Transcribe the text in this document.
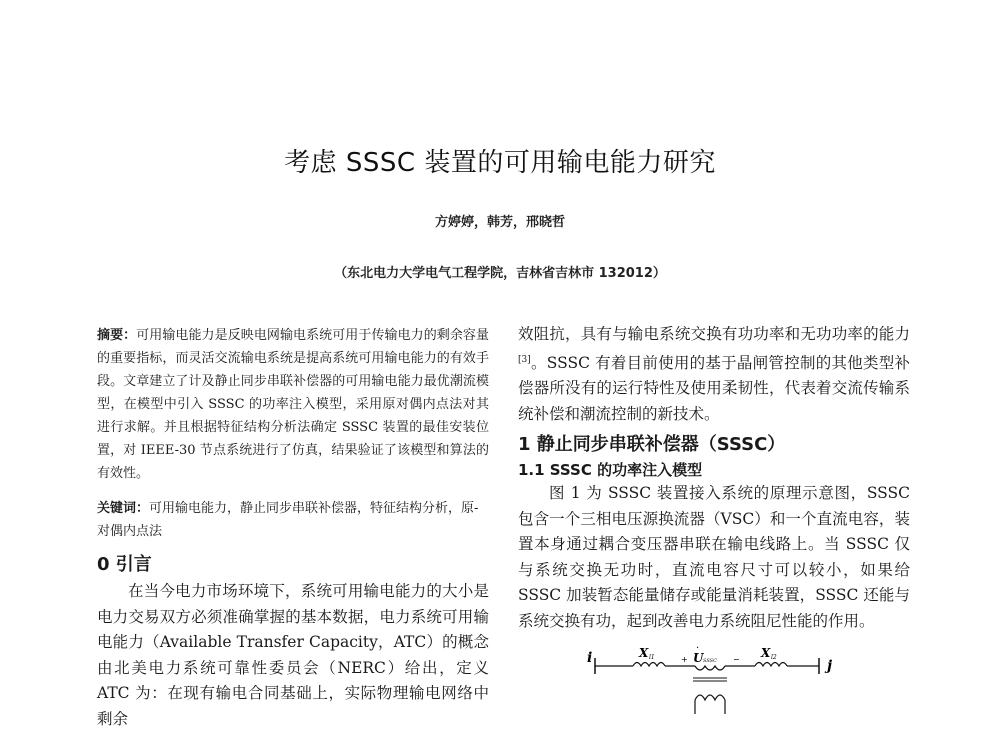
考虑 SSSC 装置的可用输电能力研究
方婷婷，韩芳，邢晓哲
（东北电力大学电气工程学院，吉林省吉林市 132012）

摘要：可用输电能力是反映电网输电系统可用于传输电力的剩余容量的重要指标，而灵活交流输电系统是提高系统可用输电能力的有效手段。文章建立了计及静止同步串联补偿器的可用输电能力最优潮流模型，在模型中引入 SSSC 的功率注入模型，采用原对偶内点法对其进行求解。并且根据特征结构分析法确定 SSSC 装置的最佳安装位置，对 IEEE-30 节点系统进行了仿真，结果验证了该模型和算法的有效性。

关键词：可用输电能力，静止同步串联补偿器，特征结构分析，原-对偶内点法

0 引言

在当今电力市场环境下，系统可用输电能力的大小是电力交易双方必须准确掌握的基本数据，电力系统可用输电能力（Available Transfer Capacity，ATC）的概念由北美电力系统可靠性委员会（NERC）给出，定义 ATC 为：在现有输电合同基础上，实际物理输电网络中剩余

效阻抗，具有与输电系统交换有功功率和无功功率的能力[3]。SSSC 有着目前使用的基于晶闸管控制的其他类型补偿器所没有的运行特性及使用柔韧性，代表着交流传输系统补偿和潮流控制的新技术。

1 静止同步串联补偿器（SSSC）
1.1 SSSC 的功率注入模型

图 1 为 SSSC 装置接入系统的原理示意图，SSSC 包含一个三相电压源换流器（VSC）和一个直流电容，装置本身通过耦合变压器串联在输电线路上。当 SSSC 仅与系统交换无功时，直流电容尺寸可以较小，如果给 SSSC 加装暂态能量储存或能量消耗装置，SSSC 还能与系统交换有功，起到改善电力系统阻尼性能的作用。

i	j
X l1	X l2
+ U
·
SSSC −
